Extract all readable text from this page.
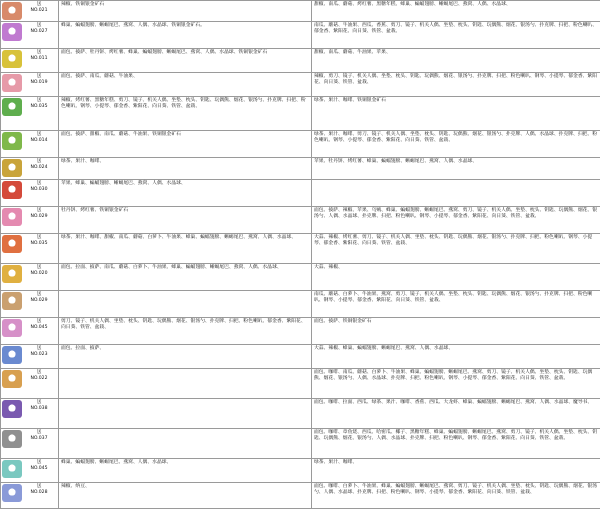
送
NO.021	辣椒、铁铜银金矿石	甜椒、南瓜、蘑菇、烤红薯、黑糖年糕、蜂巢、蝙蝠翅膀、蜥蜴尾巴、燕窝、人偶、水晶球、

送
NO.027	蜂巢、蝙蝠翅膀、蜥蜴尾巴、燕窝、人偶、水晶球、铁铜银金矿石。	南瓜、蘑菇、牛油果、西瓜、香蕉、剪刀、镜子、机关人偶、坐垫、枕头、钥匙、玩偶熊、烟花、银汤勺、扑克牌、扫把、粉色喇叭、郁金香、紫阳花、向日葵、铁管、盆栽、

送
NO.011	面包、披萨、牡丹饼、烤红薯、蜂巢、蝙蝠翅膀、蜥蜴尾巴、燕窝、人偶、水晶球、铁铜银金矿石	甜椒、南瓜、蘑菇、牛油果、苹果、

送
NO.019	面包、披萨、南瓜、蘑菇、牛油果、	辣椒、剪刀、镜子、机关人偶、坐垫、枕头、钥匙、玩偶熊、烟花、银汤勺、扑克牌、扫把、粉色喇叭、钢琴、小提琴、郁金香、紫阳花、向日葵、铁管、盆栽、

送
NO.035	辣椒、烤红薯、黑糖年糕、剪刀、镜子、机关人偶、坐垫、枕头、钥匙、玩偶熊、烟花、银汤勺、扑克牌、扫把、粉色喇叭、钢琴、小提琴、郁金香、紫阳花、向日葵、铁管、盆栽、	绿茶、果汁、咖啡、铁铜银金矿石

送
NO.014	面包、披萨、甜椒、南瓜、蘑菇、牛油果、铁铜银金矿石	绿茶、果汁、咖啡、剪刀、镜子、机关人偶、坐垫、枕头、钥匙、玩偶熊、烟花、银汤勺、扑克牌、人偶、水晶球、扑克牌、扫把、粉色喇叭、钢琴、小提琴、郁金香、紫阳花、向日葵、铁管、盆栽、

送
NO.024	绿茶、果汁、咖啡、	苹果、牡丹饼、烤红薯、蜂巢、蝙蝠翅膀、蜥蜴尾巴、燕窝、人偶、水晶球、

送
NO.030	苹果、蜂巢、蝙蝠翅膀、蜥蜴尾巴、燕窝、人偶、水晶球、	

送
NO.029	牡丹饼、烤红薯、铁铜银金矿石	面包、披萨、辣椒、苹果、乌贼、蜂巢、蝙蝠翅膀、蜥蜴尾巴、燕窝、剪刀、镜子、机关人偶、坐垫、枕头、钥匙、玩偶熊、烟花、银汤勺、人偶、水晶球、扑克牌、扫把、粉色喇叭、钢琴、小提琴、郁金香、紫阳花、向日葵、铁管、盆栽、

送
NO.035	绿茶、果汁、咖啡、甜椒、南瓜、蘑菇、白萝卜、牛油果、蜂巢、蝙蝠翅膀、蜥蜴尾巴、燕窝、人偶、水晶球、	大蒜、辣椒、烤红薯、剪刀、镜子、机关人偶、坐垫、枕头、钥匙、玩偶熊、烟花、银汤勺、扑克牌、扫把、粉色喇叭、钢琴、小提琴、郁金香、紫阳花、向日葵、铁管、盆栽、

送
NO.020	面包、拉面、披萨、南瓜、蘑菇、白萝卜、牛油果、蜂巢、蝙蝠翅膀、蜥蜴尾巴、燕窝、人偶、水晶球、	大蒜、辣椒、

送
NO.029		南瓜、蘑菇、白萝卜、牛油果、燕窝、剪刀、镜子、机关人偶、坐垫、枕头、钥匙、玩偶熊、烟花、银汤勺、扑克牌、扫把、粉色喇叭、钢琴、小提琴、郁金香、紫阳花、向日葵、铁管、盆栽、

送
NO.045	剪刀、镜子、机关人偶、坐垫、枕头、钥匙、玩偶熊、烟花、银汤勺、扑克牌、扫把、粉色喇叭、郁金香、紫阳花、向日葵、铁管、盆栽、	面包、披萨、铁铜银金矿石

送
NO.023	面包、拉面、披萨、	大蒜、辣椒、蜂巢、蝙蝠翅膀、蜥蜴尾巴、燕窝、人偶、水晶球、

送
NO.022		面包、咖啡、南瓜、蘑菇、白萝卜、牛油果、蜂巢、蝙蝠翅膀、蜥蜴尾巴、燕窝、剪刀、镜子、机关人偶、坐垫、枕头、钥匙、玩偶熊、烟花、银汤勺、人偶、水晶球、扑克牌、扫把、粉色喇叭、钢琴、小提琴、郁金香、紫阳花、向日葵、铁管、盆栽、

送
NO.038		面包、咖啡、拉面、西瓜、绿茶、果汁、咖啡、香蕉、西瓜、大龙虾、蜂巢、蝙蝠翅膀、蜥蜴尾巴、燕窝、人偶、水晶球、魔导书、

送
NO.037		面包、咖啡、章鱼烧、西瓜、哈密瓜、椰子、黑糖年糕、蜂巢、蝙蝠翅膀、蜥蜴尾巴、燕窝、剪刀、镜子、机关人偶、坐垫、枕头、钥匙、玩偶熊、烟花、银汤勺、人偶、水晶球、扑克牌、扫把、粉色喇叭、钢琴、郁金香、紫阳花、向日葵、铁管、盆栽、

送
NO.045	蜂巢、蝙蝠翅膀、蜥蜴尾巴、燕窝、人偶、水晶球、	绿茶、果汁、咖啡、

送
NO.028	辣椒、纳豆、	面包、咖啡、白萝卜、牛油果、蜂巢、蝙蝠翅膀、蜥蜴尾巴、燕窝、剪刀、镜子、机关人偶、坐垫、枕头、钥匙、玩偶熊、烟花、银汤勺、人偶、水晶球、扑克牌、扫把、粉色喇叭、钢琴、小提琴、郁金香、紫阳花、向日葵、铁管、盆栽、
